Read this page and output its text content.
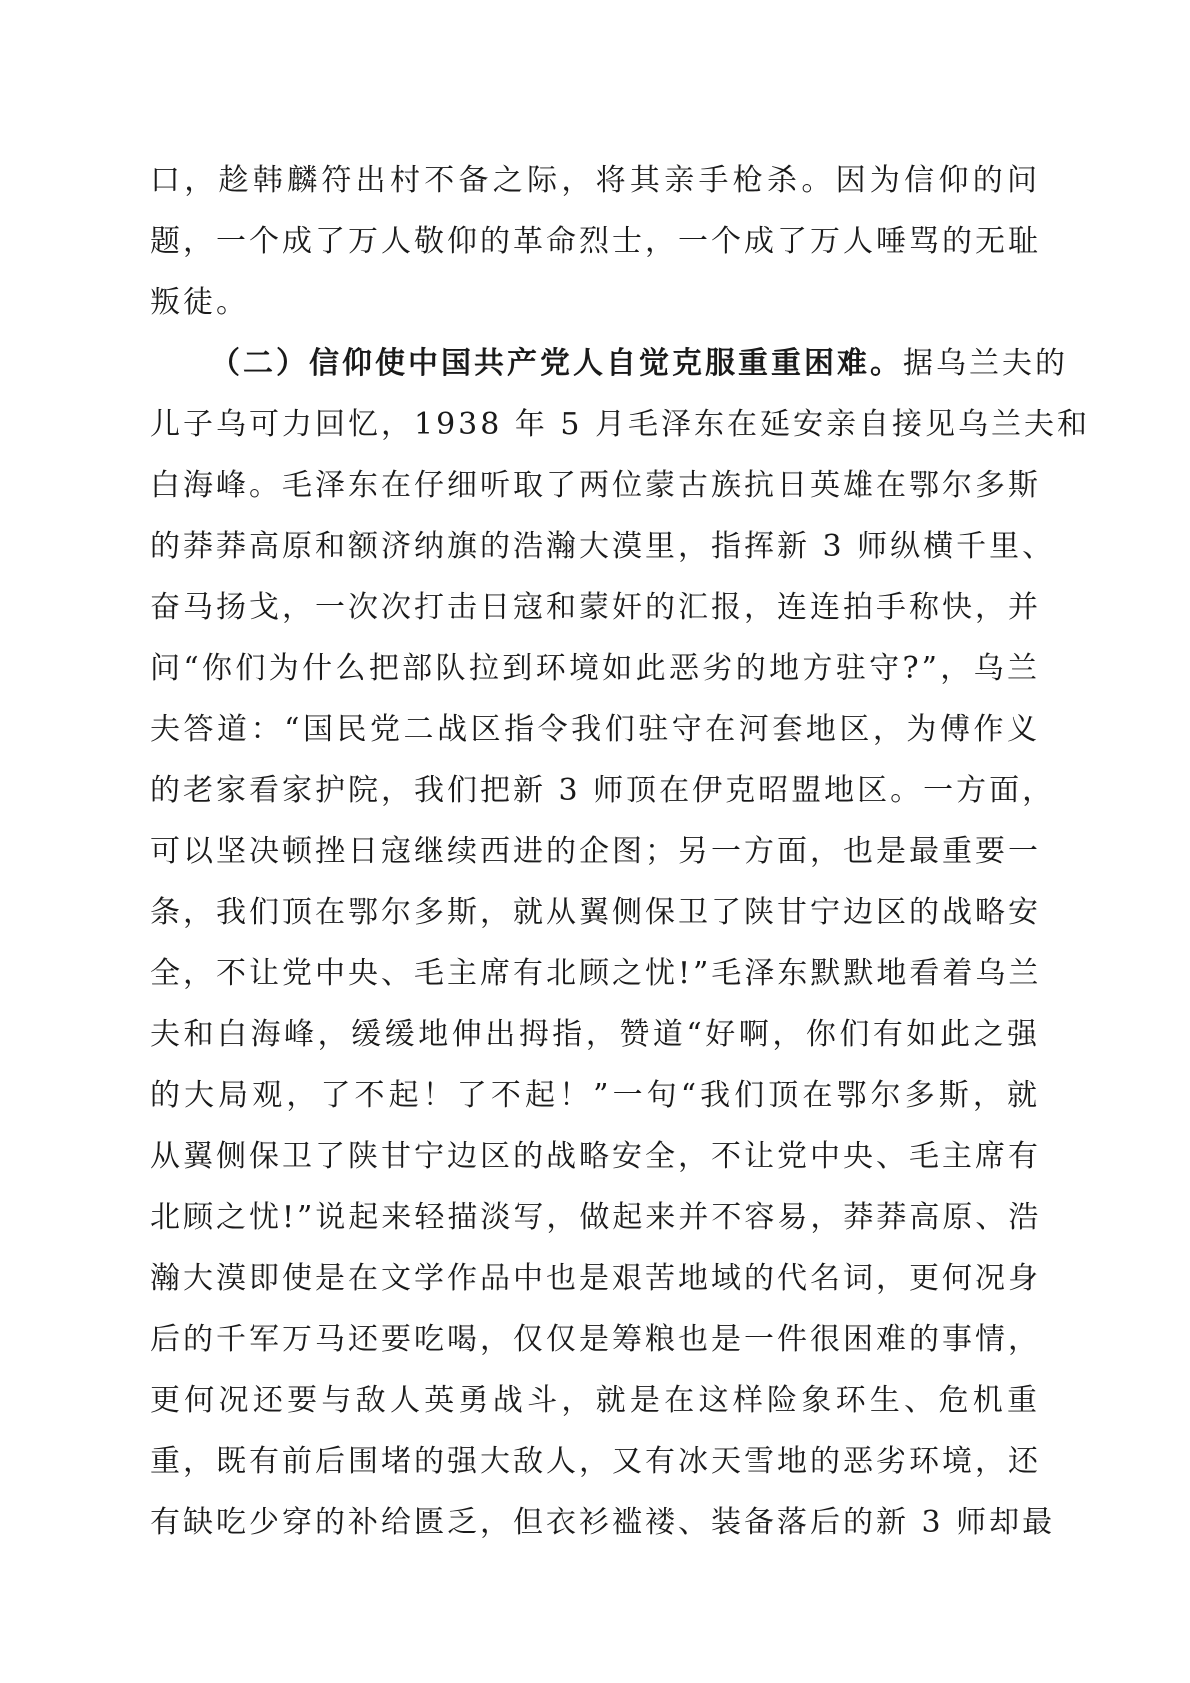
口，趁韩麟符出村不备之际，将其亲手枪杀。因为信仰的问
题，一个成了万人敬仰的革命烈士，一个成了万人唾骂的无耻
叛徒。

（二）信仰使中国共产党人自觉克服重重困难。据乌兰夫的
儿子乌可力回忆，1938 年 5 月毛泽东在延安亲自接见乌兰夫和
白海峰。毛泽东在仔细听取了两位蒙古族抗日英雄在鄂尔多斯
的莽莽高原和额济纳旗的浩瀚大漠里，指挥新 3 师纵横千里、
奋马扬戈，一次次打击日寇和蒙奸的汇报，连连拍手称快，并
问“你们为什么把部队拉到环境如此恶劣的地方驻守?”，乌兰
夫答道：“国民党二战区指令我们驻守在河套地区，为傅作义
的老家看家护院，我们把新 3 师顶在伊克昭盟地区。一方面，
可以坚决顿挫日寇继续西进的企图；另一方面，也是最重要一
条，我们顶在鄂尔多斯，就从翼侧保卫了陕甘宁边区的战略安
全，不让党中央、毛主席有北顾之忧!”毛泽东默默地看着乌兰
夫和白海峰，缓缓地伸出拇指，赞道“好啊，你们有如此之强
的大局观，了不起！了不起！”一句“我们顶在鄂尔多斯，就
从翼侧保卫了陕甘宁边区的战略安全，不让党中央、毛主席有
北顾之忧!”说起来轻描淡写，做起来并不容易，莽莽高原、浩
瀚大漠即使是在文学作品中也是艰苦地域的代名词，更何况身
后的千军万马还要吃喝，仅仅是筹粮也是一件很困难的事情，
更何况还要与敌人英勇战斗，就是在这样险象环生、危机重
重，既有前后围堵的强大敌人，又有冰天雪地的恶劣环境，还
有缺吃少穿的补给匮乏，但衣衫褴褛、装备落后的新 3 师却最
